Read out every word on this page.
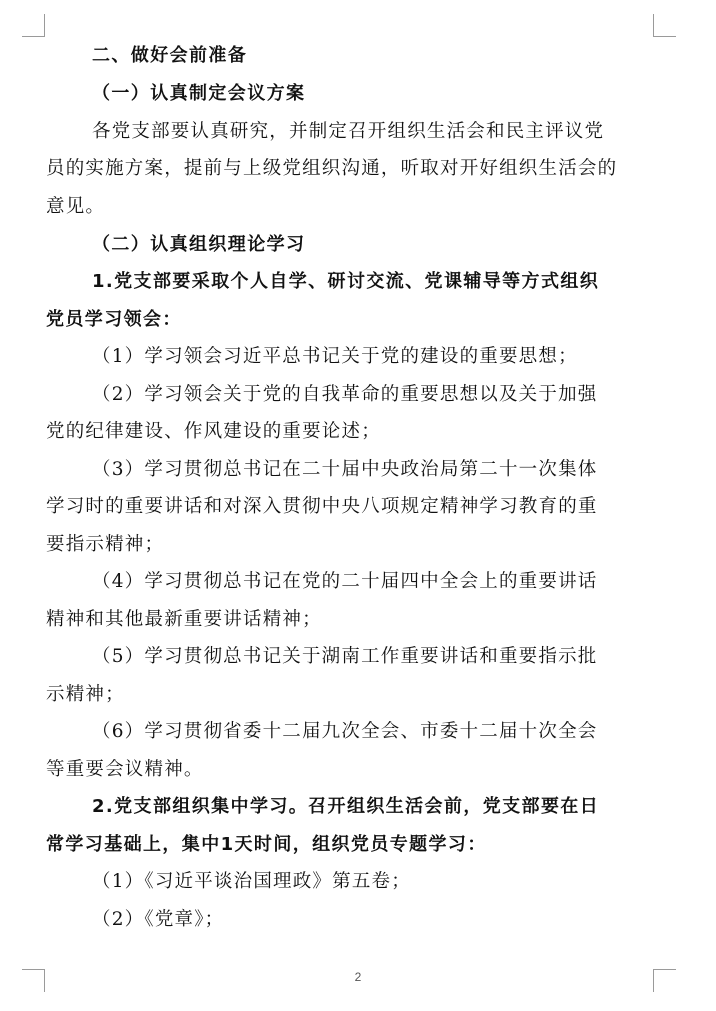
二、做好会前准备
（一）认真制定会议方案
各党支部要认真研究，并制定召开组织生活会和民主评议党
员的实施方案，提前与上级党组织沟通，听取对开好组织生活会的
意见。
（二）认真组织理论学习
1.党支部要采取个人自学、研讨交流、党课辅导等方式组织
党员学习领会：
（1）学习领会习近平总书记关于党的建设的重要思想；
（2）学习领会关于党的自我革命的重要思想以及关于加强
党的纪律建设、作风建设的重要论述；
（3）学习贯彻总书记在二十届中央政治局第二十一次集体
学习时的重要讲话和对深入贯彻中央八项规定精神学习教育的重
要指示精神；
（4）学习贯彻总书记在党的二十届四中全会上的重要讲话
精神和其他最新重要讲话精神；
（5）学习贯彻总书记关于湖南工作重要讲话和重要指示批
示精神；
（6）学习贯彻省委十二届九次全会、市委十二届十次全会
等重要会议精神。
2.党支部组织集中学习。召开组织生活会前，党支部要在日
常学习基础上，集中1天时间，组织党员专题学习：
（1）《习近平谈治国理政》第五卷；
（2）《党章》；
2
